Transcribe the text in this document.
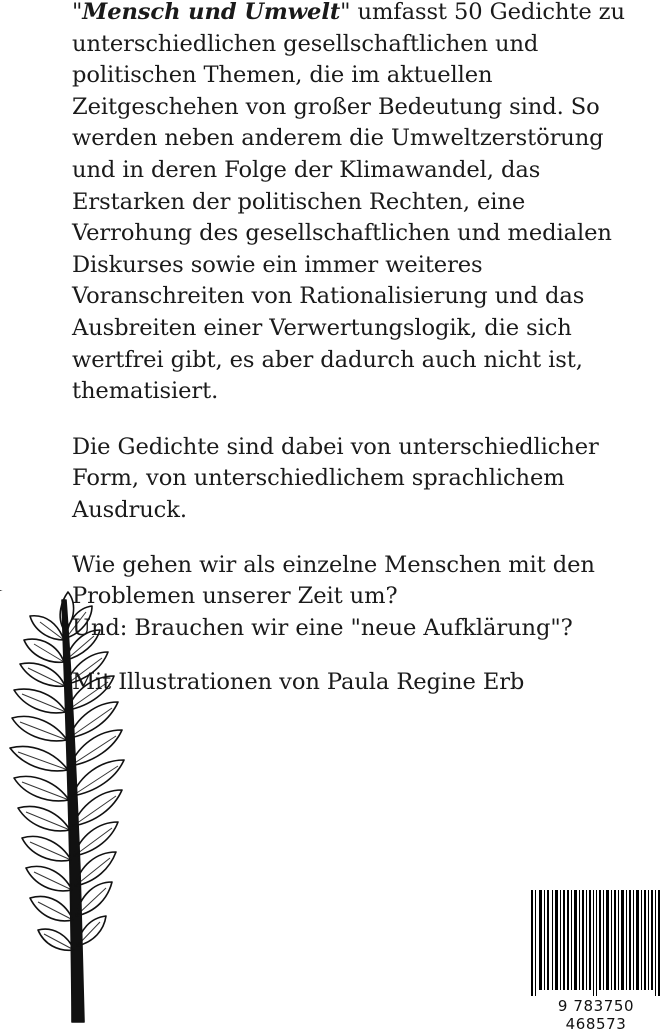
"Mensch und Umwelt" umfasst 50 Gedichte zu unterschiedlichen gesellschaftlichen und politischen Themen, die im aktuellen Zeitgeschehen von großer Bedeutung sind. So werden neben anderem die Umweltzerstörung und in deren Folge der Klimawandel, das Erstarken der politischen Rechten, eine Verrohung des gesellschaftlichen und medialen Diskurses sowie ein immer weiteres Voranschreiten von Rationalisierung und das Ausbreiten einer Verwertungslogik, die sich wertfrei gibt, es aber dadurch auch nicht ist, thematisiert.

Die Gedichte sind dabei von unterschiedlicher Form, von unterschiedlichem sprachlichem Ausdruck.

Wie gehen wir als einzelne Menschen mit den Problemen unserer Zeit um?
Und: Brauchen wir eine "neue Aufklärung"?

Mit Illustrationen von Paula Regine Erb

9 783750 468573
